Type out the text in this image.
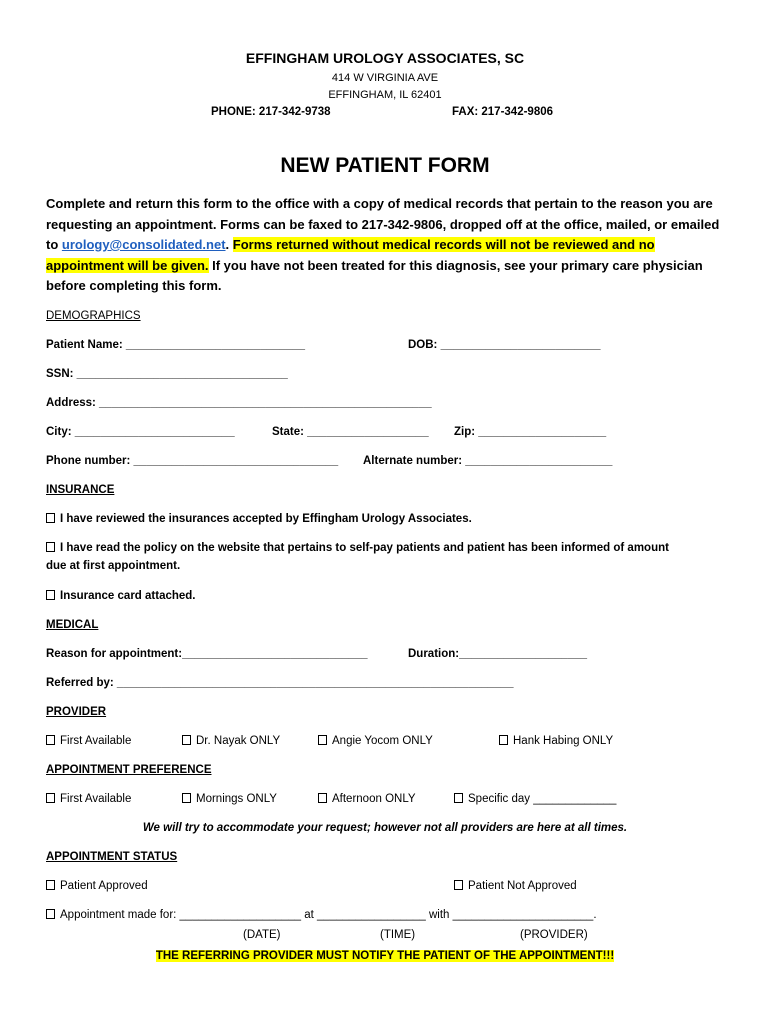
EFFINGHAM UROLOGY ASSOCIATES, SC
414 W VIRGINIA AVE
EFFINGHAM, IL 62401
PHONE: 217-342-9738	FAX: 217-342-9806
NEW PATIENT FORM
Complete and return this form to the office with a copy of medical records that pertain to the reason you are requesting an appointment. Forms can be faxed to 217-342-9806, dropped off at the office, mailed, or emailed to urology@consolidated.net. Forms returned without medical records will not be reviewed and no appointment will be given. If you have not been treated for this diagnosis, see your primary care physician before completing this form.
DEMOGRAPHICS
Patient Name: ____________________________	DOB: _________________________
SSN: _________________________________
Address: ____________________________________________________
City: _________________________	State: ___________________ Zip: ____________________
Phone number: ________________________________ Alternate number: _______________________
INSURANCE
I have reviewed the insurances accepted by Effingham Urology Associates.
I have read the policy on the website that pertains to self-pay patients and patient has been informed of amount
due at first appointment.
Insurance card attached.
MEDICAL
Reason for appointment:_____________________________	Duration:____________________
Referred by: ______________________________________________________________
PROVIDER
First Available	Dr. Nayak ONLY	Angie Yocom ONLY	Hank Habing ONLY
APPOINTMENT PREFERENCE
First Available	Mornings ONLY	Afternoon ONLY	Specific day _____________
We will try to accommodate your request; however not all providers are here at all times.
APPOINTMENT STATUS
Patient Approved	Patient Not Approved
Appointment made for: ___________________ at _________________ with ______________________.
(DATE)	(TIME)	(PROVIDER)
THE REFERRING PROVIDER MUST NOTIFY THE PATIENT OF THE APPOINTMENT!!!
